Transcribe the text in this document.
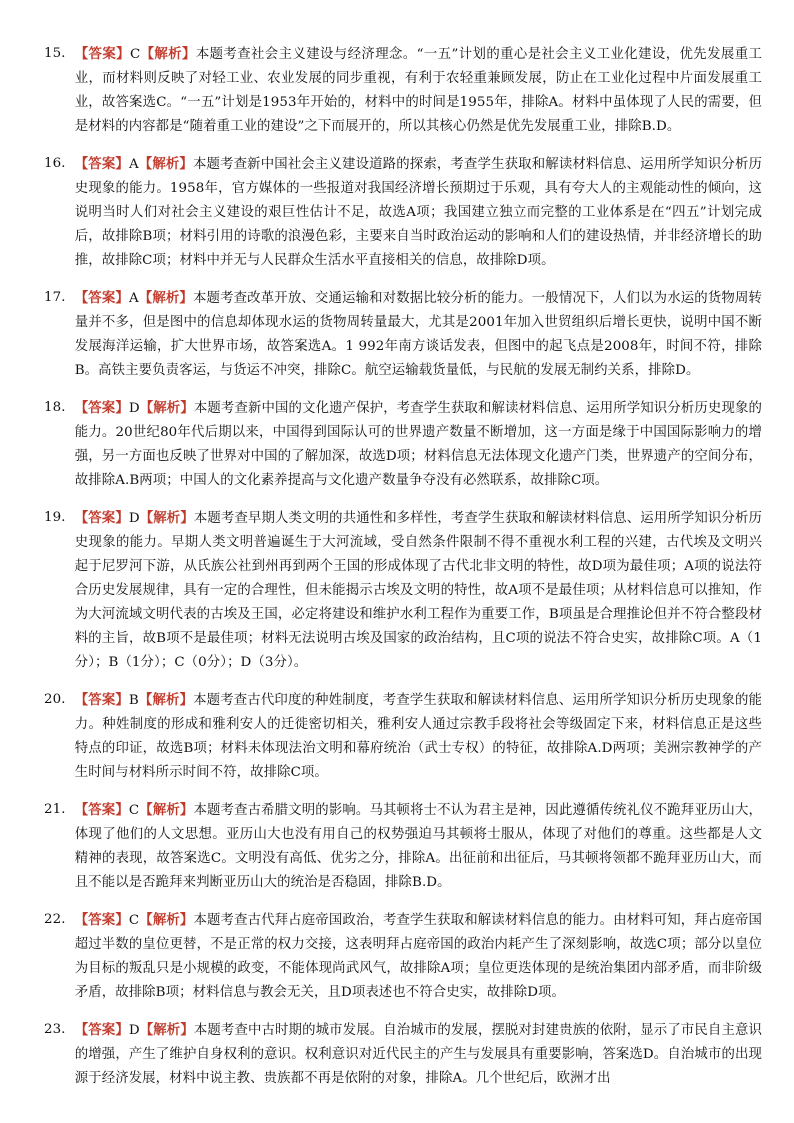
15． 【答案】C【解析】本题考查社会主义建设与经济理念。“一五”计划的重心是社会主义工业化建设，优先发展重工业，而材料则反映了对轻工业、农业发展的同步重视，有利于农轻重兼顾发展，防止在工业化过程中片面发展重工业，故答案选C。“一五”计划是1953年开始的，材料中的时间是1955年，排除A。材料中虽体现了人民的需要，但是材料的内容都是“随着重工业的建设”之下而展开的，所以其核心仍然是优先发展重工业，排除B.D。
16． 【答案】A【解析】本题考查新中国社会主义建设道路的探索，考查学生获取和解读材料信息、运用所学知识分析历史现象的能力。1958年，官方媒体的一些报道对我国经济增长预期过于乐观，具有夸大人的主观能动性的倾向，这说明当时人们对社会主义建设的艰巨性估计不足，故选A项；我国建立独立而完整的工业体系是在“四五”计划完成后，故排除B项；材料引用的诗歌的浪漫色彩，主要来自当时政治运动的影响和人们的建设热情，并非经济增长的助推，故排除C项；材料中并无与人民群众生活水平直接相关的信息，故排除D项。
17． 【答案】A【解析】本题考查改革开放、交通运输和对数据比较分析的能力。一般情况下，人们以为水运的货物周转量并不多，但是图中的信息却体现水运的货物周转量最大，尤其是2001年加入世贸组织后增长更快，说明中国不断发展海洋运输，扩大世界市场，故答案选A。1 992年南方谈话发表，但图中的起飞点是2008年，时间不符，排除B。高铁主要负责客运，与货运不冲突，排除C。航空运输载货量低，与民航的发展无制约关系，排除D。
18． 【答案】D【解析】本题考查新中国的文化遗产保护，考查学生获取和解读材料信息、运用所学知识分析历史现象的能力。20世纪80年代后期以来，中国得到国际认可的世界遗产数量不断增加，这一方面是缘于中国国际影响力的增强，另一方面也反映了世界对中国的了解加深，故选D项；材料信息无法体现文化遗产门类，世界遗产的空间分布，故排除A.B两项；中国人的文化素养提高与文化遗产数量争夺没有必然联系，故排除C项。
19． 【答案】D【解析】本题考查早期人类文明的共通性和多样性，考查学生获取和解读材料信息、运用所学知识分析历史现象的能力。早期人类文明普遍诞生于大河流域，受自然条件限制不得不重视水利工程的兴建，古代埃及文明兴起于尼罗河下游，从氏族公社到州再到两个王国的形成体现了古代北非文明的特性，故D项为最佳项；A项的说法符合历史发展规律，具有一定的合理性，但未能揭示古埃及文明的特性，故A项不是最佳项；从材料信息可以推知，作为大河流域文明代表的古埃及王国，必定将建设和维护水利工程作为重要工作，B项虽是合理推论但并不符合整段材料的主旨，故B项不是最佳项；材料无法说明古埃及国家的政治结构，且C项的说法不符合史实，故排除C项。A（1分）；B（1分）；C（0分）；D（3分）。
20． 【答案】B【解析】本题考查古代印度的种姓制度，考查学生获取和解读材料信息、运用所学知识分析历史现象的能力。种姓制度的形成和雅利安人的迁徙密切相关，雅利安人通过宗教手段将社会等级固定下来，材料信息正是这些特点的印证，故选B项；材料未体现法治文明和幕府统治（武士专权）的特征，故排除A.D两项；美洲宗教神学的产生时间与材料所示时间不符，故排除C项。
21． 【答案】C【解析】本题考查古希腊文明的影响。马其顿将士不认为君主是神，因此遵循传统礼仪不跪拜亚历山大，体现了他们的人文思想。亚历山大也没有用自己的权势强迫马其顿将士服从，体现了对他们的尊重。这些都是人文精神的表现，故答案选C。文明没有高低、优劣之分，排除A。出征前和出征后，马其顿将领都不跪拜亚历山大，而且不能以是否跪拜来判断亚历山大的统治是否稳固，排除B.D。
22． 【答案】C【解析】本题考查古代拜占庭帝国政治，考查学生获取和解读材料信息的能力。由材料可知，拜占庭帝国超过半数的皇位更替，不是正常的权力交接，这表明拜占庭帝国的政治内耗产生了深刻影响，故选C项；部分以皇位为目标的叛乱只是小规模的政变，不能体现尚武风气，故排除A项；皇位更迭体现的是统治集团内部矛盾，而非阶级矛盾，故排除B项；材料信息与教会无关，且D项表述也不符合史实，故排除D项。
23． 【答案】D【解析】本题考查中古时期的城市发展。自治城市的发展，摆脱对封建贵族的依附，显示了市民自主意识的增强，产生了维护自身权利的意识。权利意识对近代民主的产生与发展具有重要影响，答案选D。自治城市的出现源于经济发展，材料中说主教、贵族都不再是依附的对象，排除A。几个世纪后，欧洲才出
